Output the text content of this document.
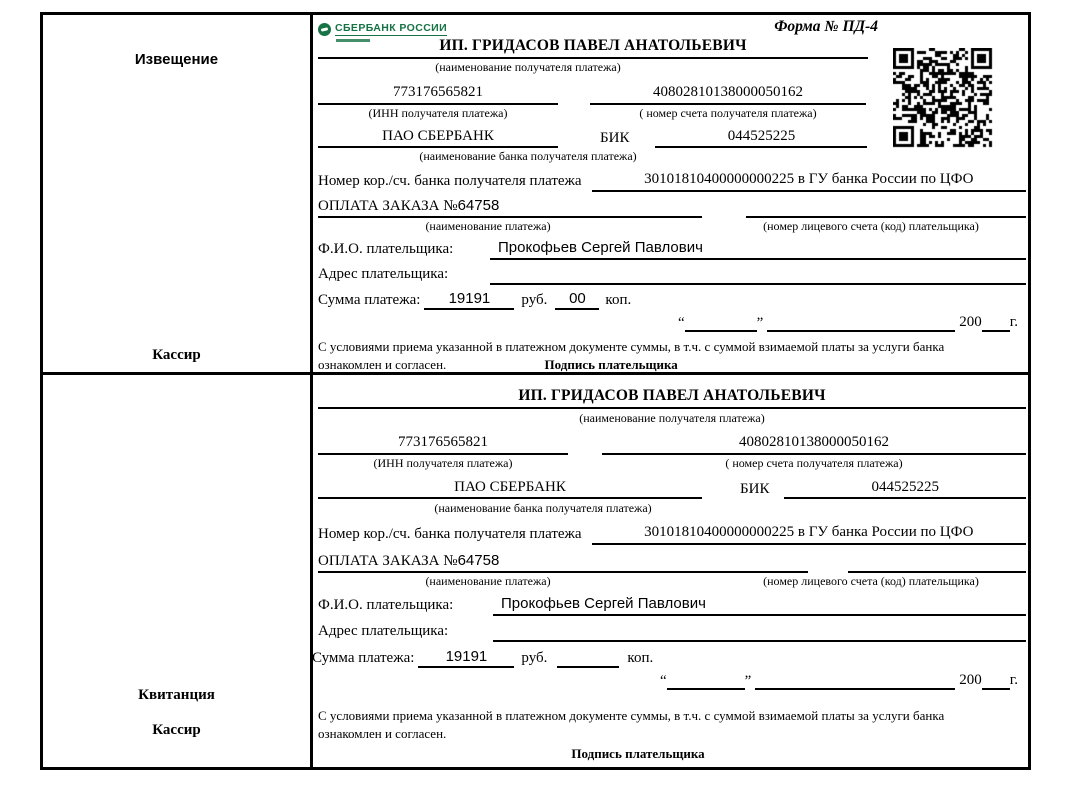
Извещение
Кассир
СБЕРБАНК РОССИИ	Форма № ПД-4
ИП. ГРИДАСОВ ПАВЕЛ АНАТОЛЬЕВИЧ
(наименование получателя платежа)
773176565821	40802810138000050162
(ИНН получателя платежа)	( номер счета получателя платежа)
ПАО СБЕРБАНК	БИК	044525225
(наименование банка получателя платежа)
Номер кор./сч. банка получателя платежа	30101810400000000225 в ГУ банка России по ЦФО
ОПЛАТА ЗАКАЗА №64758
(наименование платежа)	(номер лицевого счета (код) плательщика)
Ф.И.О. плательщика:	Прокофьев Сергей Павлович
Адрес плательщика:
Сумма платежа:	19191	руб.	00	коп.
“	”	200 г.
С условиями приема указанной в платежном документе суммы, в т.ч. с суммой взимаемой платы за услуги банка
ознакомлен и согласен.	Подпись плательщика
Квитанция
Кассир
ИП. ГРИДАСОВ ПАВЕЛ АНАТОЛЬЕВИЧ
(наименование получателя платежа)
773176565821	40802810138000050162
(ИНН получателя платежа)	( номер счета получателя платежа)
ПАО СБЕРБАНК	БИК	044525225
(наименование банка получателя платежа)
Номер кор./сч. банка получателя платежа	30101810400000000225 в ГУ банка России по ЦФО
ОПЛАТА ЗАКАЗА №64758
(наименование платежа)	(номер лицевого счета (код) плательщика)
Ф.И.О. плательщика:	Прокофьев Сергей Павлович
Адрес плательщика:
Сумма платежа:	19191	руб.	коп.
“	”	200 г.
С условиями приема указанной в платежном документе суммы, в т.ч. с суммой взимаемой платы за услуги банка
ознакомлен и согласен.
Подпись плательщика
